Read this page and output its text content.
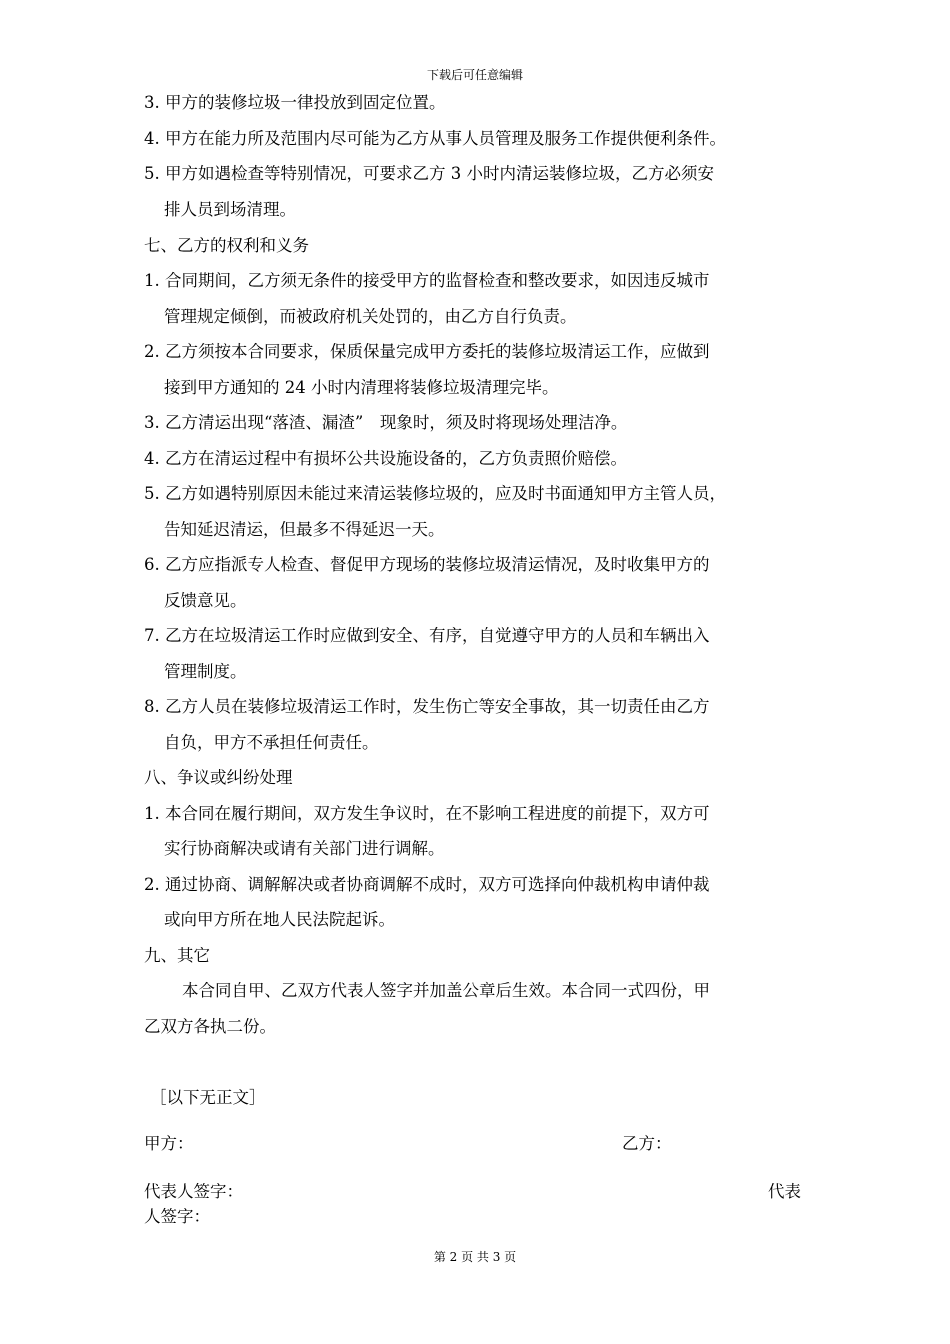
下载后可任意编辑
3. 甲方的装修垃圾一律投放到固定位置。
4. 甲方在能力所及范围内尽可能为乙方从事人员管理及服务工作提供便利条件。
5. 甲方如遇检查等特别情况，可要求乙方 3 小时内清运装修垃圾，乙方必须安
排人员到场清理。
七、乙方的权利和义务
1. 合同期间，乙方须无条件的接受甲方的监督检查和整改要求，如因违反城市
管理规定倾倒，而被政府机关处罚的，由乙方自行负责。
2. 乙方须按本合同要求，保质保量完成甲方委托的装修垃圾清运工作，应做到
接到甲方通知的 24 小时内清理将装修垃圾清理完毕。
3. 乙方清运出现“落渣、漏渣”　现象时，须及时将现场处理洁净。
4. 乙方在清运过程中有损坏公共设施设备的，乙方负责照价赔偿。
5. 乙方如遇特别原因未能过来清运装修垃圾的，应及时书面通知甲方主管人员，
告知延迟清运，但最多不得延迟一天。
6. 乙方应指派专人检查、督促甲方现场的装修垃圾清运情况，及时收集甲方的
反馈意见。
7. 乙方在垃圾清运工作时应做到安全、有序，自觉遵守甲方的人员和车辆出入
管理制度。
8. 乙方人员在装修垃圾清运工作时，发生伤亡等安全事故，其一切责任由乙方
自负，甲方不承担任何责任。
八、争议或纠纷处理
1. 本合同在履行期间，双方发生争议时，在不影响工程进度的前提下，双方可
实行协商解决或请有关部门进行调解。
2. 通过协商、调解解决或者协商调解不成时，双方可选择向仲裁机构申请仲裁
或向甲方所在地人民法院起诉。
九、其它
本合同自甲、乙双方代表人签字并加盖公章后生效。本合同一式四份，甲
乙双方各执二份。
［以下无正文］
甲方：	乙方：
代表人签字：	代表
人签字：
第 2 页 共 3 页
